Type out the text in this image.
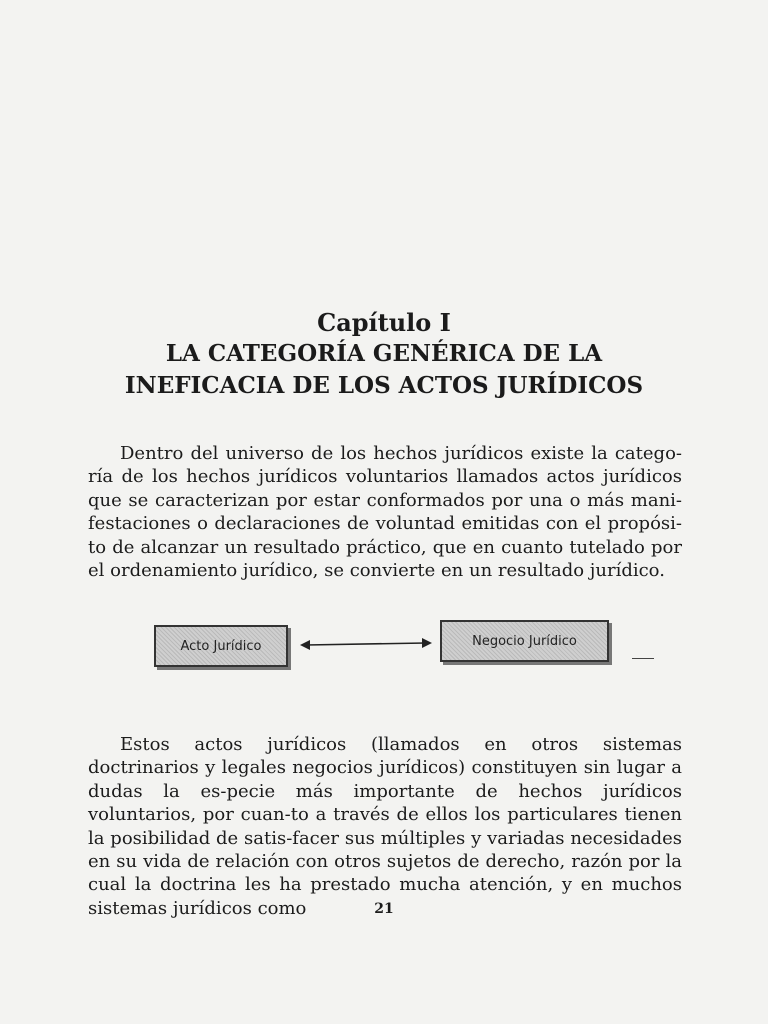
Capítulo I
LA CATEGORÍA GENÉRICA DE LA
INEFICACIA DE LOS ACTOS JURÍDICOS

Dentro del universo de los hechos jurídicos existe la catego-ría de los hechos jurídicos voluntarios llamados actos jurídicos que se caracterizan por estar conformados por una o más mani-festaciones o declaraciones de voluntad emitidas con el propósi-to de alcanzar un resultado práctico, que en cuanto tutelado por el ordenamiento jurídico, se convierte en un resultado jurídico.

Acto Jurídico	Negocio Jurídico

Estos actos jurídicos (llamados en otros sistemas doctrinarios y legales negocios jurídicos) constituyen sin lugar a dudas la es-pecie más importante de hechos jurídicos voluntarios, por cuan-to a través de ellos los particulares tienen la posibilidad de satis-facer sus múltiples y variadas necesidades en su vida de relación con otros sujetos de derecho, razón por la cual la doctrina les ha prestado mucha atención, y en muchos sistemas jurídicos como	21
